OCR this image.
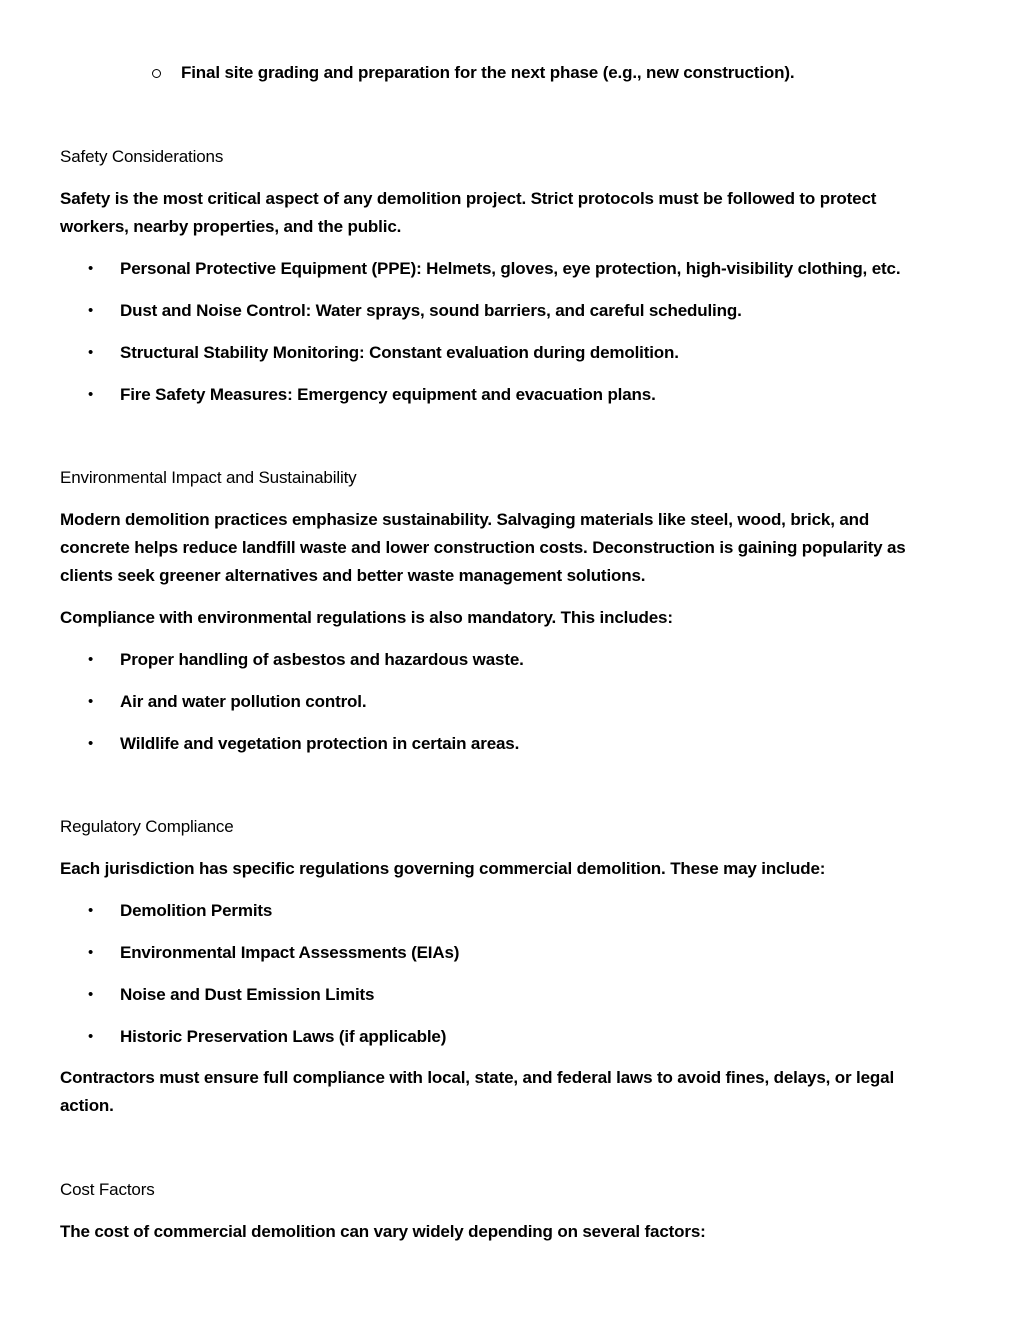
Final site grading and preparation for the next phase (e.g., new construction).
Safety Considerations
Safety is the most critical aspect of any demolition project. Strict protocols must be followed to protect
workers, nearby properties, and the public.
• Personal Protective Equipment (PPE): Helmets, gloves, eye protection, high-visibility clothing, etc.
• Dust and Noise Control: Water sprays, sound barriers, and careful scheduling.
• Structural Stability Monitoring: Constant evaluation during demolition.
• Fire Safety Measures: Emergency equipment and evacuation plans.
Environmental Impact and Sustainability
Modern demolition practices emphasize sustainability. Salvaging materials like steel, wood, brick, and
concrete helps reduce landfill waste and lower construction costs. Deconstruction is gaining popularity as
clients seek greener alternatives and better waste management solutions.
Compliance with environmental regulations is also mandatory. This includes:
• Proper handling of asbestos and hazardous waste.
• Air and water pollution control.
• Wildlife and vegetation protection in certain areas.
Regulatory Compliance
Each jurisdiction has specific regulations governing commercial demolition. These may include:
• Demolition Permits
• Environmental Impact Assessments (EIAs)
• Noise and Dust Emission Limits
• Historic Preservation Laws (if applicable)
Contractors must ensure full compliance with local, state, and federal laws to avoid fines, delays, or legal
action.
Cost Factors
The cost of commercial demolition can vary widely depending on several factors:
